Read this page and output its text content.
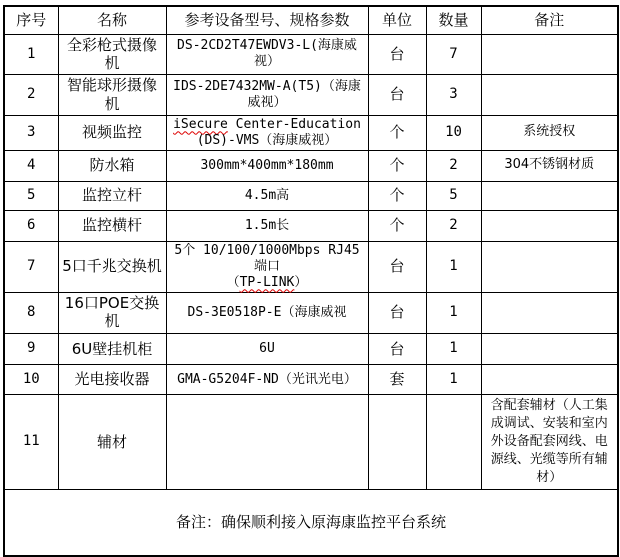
序号	名称	参考设备型号、规格参数	单位	数量	备注
1	全彩枪式摄像机	DS-2CD2T47EWDV3-L(海康威视）	台	7	
2	智能球形摄像机	IDS-2DE7432MW-A(T5)（海康威视）	台	3	
3	视频监控	iSecure Center-Education
(DS)-VMS（海康威视）	个	10	系统授权
4	防水箱	300mm*400mm*180mm	个	2	304不锈钢材质
5	监控立杆	4.5m高	个	5	
6	监控横杆	1.5m长	个	2	
7	5口千兆交换机	5个 10/100/1000Mbps RJ45 端口
（TP-LINK）	台	1	
8	16口POE交换机	DS-3E0518P-E（海康威视	台	1	
9	6U壁挂机柜	6U	台	1	
10	光电接收器	GMA-G5204F-ND（光讯光电）	套	1	
11	辅材				含配套辅材（人工集成调试、安装和室内外设备配套网线、电源线、光缆等所有辅材）
备注：确保顺利接入原海康监控平台系统					
